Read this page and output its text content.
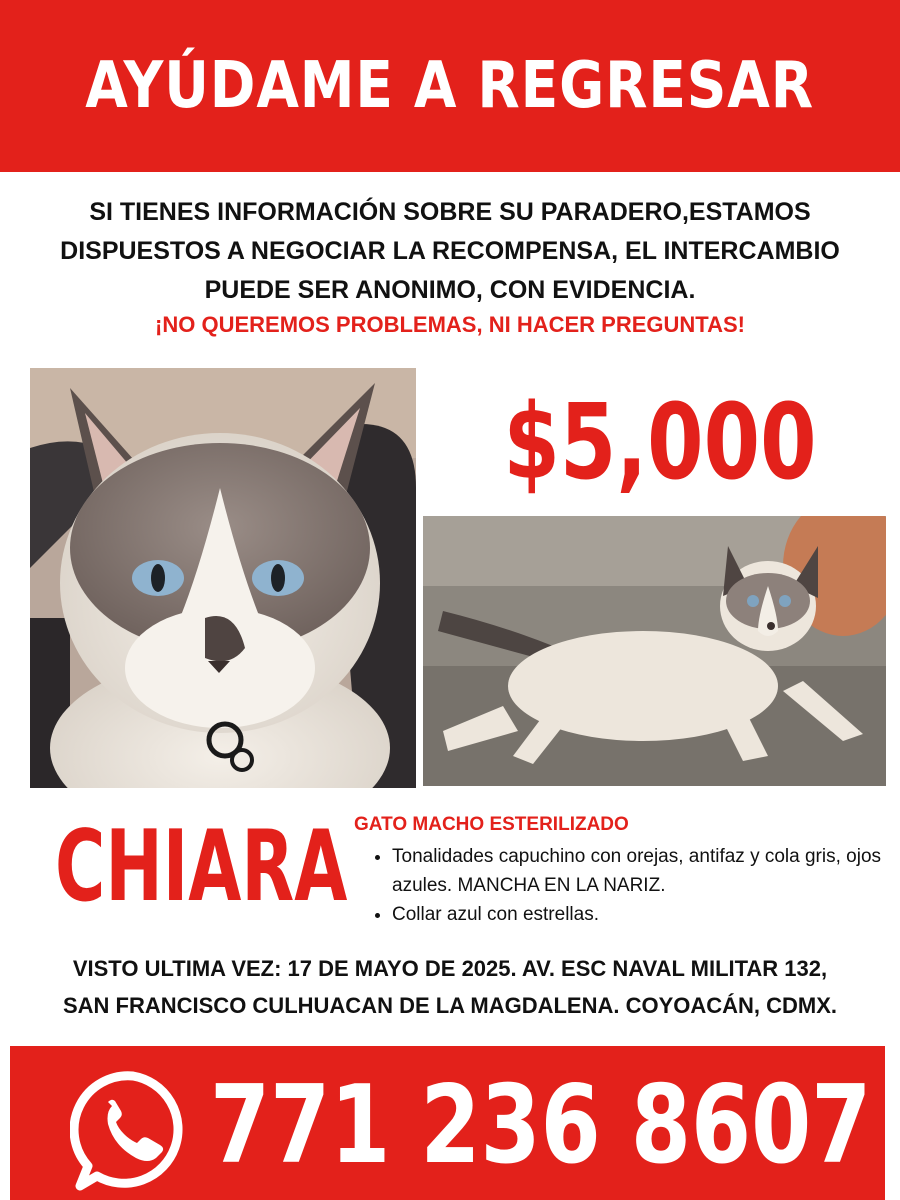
AYÚDAME A REGRESAR
SI TIENES INFORMACIÓN SOBRE SU PARADERO,ESTAMOS
DISPUESTOS A NEGOCIAR LA RECOMPENSA, EL INTERCAMBIO
PUEDE SER ANONIMO, CON EVIDENCIA.
¡NO QUEREMOS PROBLEMAS, NI HACER PREGUNTAS!
$5,000
CHIARA GATO MACHO ESTERILIZADO
• Tonalidades capuchino con orejas, antifaz y cola gris, ojos azules. MANCHA EN LA NARIZ.
• Collar azul con estrellas.
VISTO ULTIMA VEZ: 17 DE MAYO DE 2025. AV. ESC NAVAL MILITAR 132,
SAN FRANCISCO CULHUACAN DE LA MAGDALENA. COYOACÁN, CDMX.
771 236 8607
